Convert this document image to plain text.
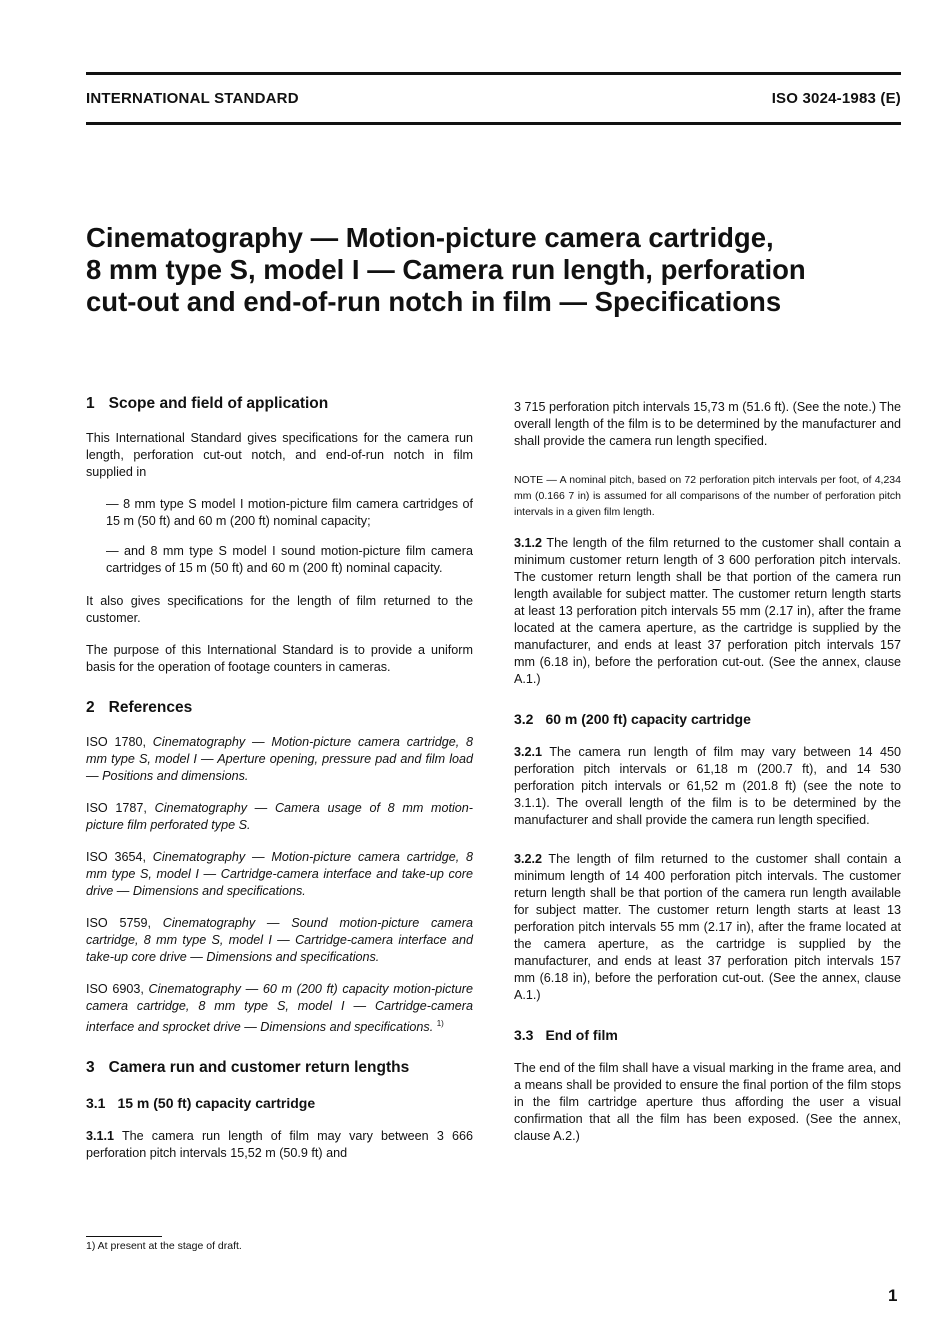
INTERNATIONAL STANDARD	ISO 3024-1983 (E)
Cinematography — Motion-picture camera cartridge,
8 mm type S, model I — Camera run length, perforation
cut-out and end-of-run notch in film — Specifications
1 Scope and field of application

This International Standard gives specifications for the camera run length, perforation cut-out notch, and end-of-run notch in film supplied in

— 8 mm type S model I motion-picture film camera cartridges of 15 m (50 ft) and 60 m (200 ft) nominal capacity;
— and 8 mm type S model I sound motion-picture film camera cartridges of 15 m (50 ft) and 60 m (200 ft) nominal capacity.

It also gives specifications for the length of film returned to the customer.

The purpose of this International Standard is to provide a uniform basis for the operation of footage counters in cameras.

2 References

ISO 1780, Cinematography — Motion-picture camera cartridge, 8 mm type S, model I — Aperture opening, pressure pad and film load — Positions and dimensions.

ISO 1787, Cinematography — Camera usage of 8 mm motion-picture film perforated type S.

ISO 3654, Cinematography — Motion-picture camera cartridge, 8 mm type S, model I — Cartridge-camera interface and take-up core drive — Dimensions and specifications.

ISO 5759, Cinematography — Sound motion-picture camera cartridge, 8 mm type S, model I — Cartridge-camera interface and take-up core drive — Dimensions and specifications.

ISO 6903, Cinematography — 60 m (200 ft) capacity motion-picture camera cartridge, 8 mm type S, model I — Cartridge-camera interface and sprocket drive — Dimensions and specifications. $^{1)}$

3 Camera run and customer return lengths
3.1 15 m (50 ft) capacity cartridge

3.1.1 The camera run length of film may vary between 3 666 perforation pitch intervals 15,52 m (50.9 ft) and

3 715 perforation pitch intervals 15,73 m (51.6 ft). (See the note.) The overall length of the film is to be determined by the manufacturer and shall provide the camera run length specified.

NOTE — A nominal pitch, based on 72 perforation pitch intervals per foot, of 4,234 mm (0.166 7 in) is assumed for all comparisons of the number of perforation pitch intervals in a given film length.

3.1.2 The length of the film returned to the customer shall contain a minimum customer return length of 3 600 perforation pitch intervals. The customer return length shall be that portion of the camera run length available for subject matter. The customer return length starts at least 13 perforation pitch intervals 55 mm (2.17 in), after the frame located at the camera aperture, as the cartridge is supplied by the manufacturer, and ends at least 37 perforation pitch intervals 157 mm (6.18 in), before the perforation cut-out. (See the annex, clause A.1.)

3.2 60 m (200 ft) capacity cartridge

3.2.1 The camera run length of film may vary between 14 450 perforation pitch intervals or 61,18 m (200.7 ft), and 14 530 perforation pitch intervals or 61,52 m (201.8 ft) (see the note to 3.1.1). The overall length of the film is to be determined by the manufacturer and shall provide the camera run length specified.

3.2.2 The length of film returned to the customer shall contain a minimum length of 14 400 perforation pitch intervals. The customer return length shall be that portion of the camera run length available for subject matter. The customer return length starts at least 13 perforation pitch intervals 55 mm (2.17 in), after the frame located at the camera aperture, as the cartridge is supplied by the manufacturer, and ends at least 37 perforation pitch intervals 157 mm (6.18 in), before the perforation cut-out. (See the annex, clause A.1.)

3.3 End of film

The end of the film shall have a visual marking in the frame area, and a means shall be provided to ensure the final portion of the film stops in the film cartridge aperture thus affording the user a visual confirmation that all the film has been exposed. (See the annex, clause A.2.)

1) At present at the stage of draft.
1
